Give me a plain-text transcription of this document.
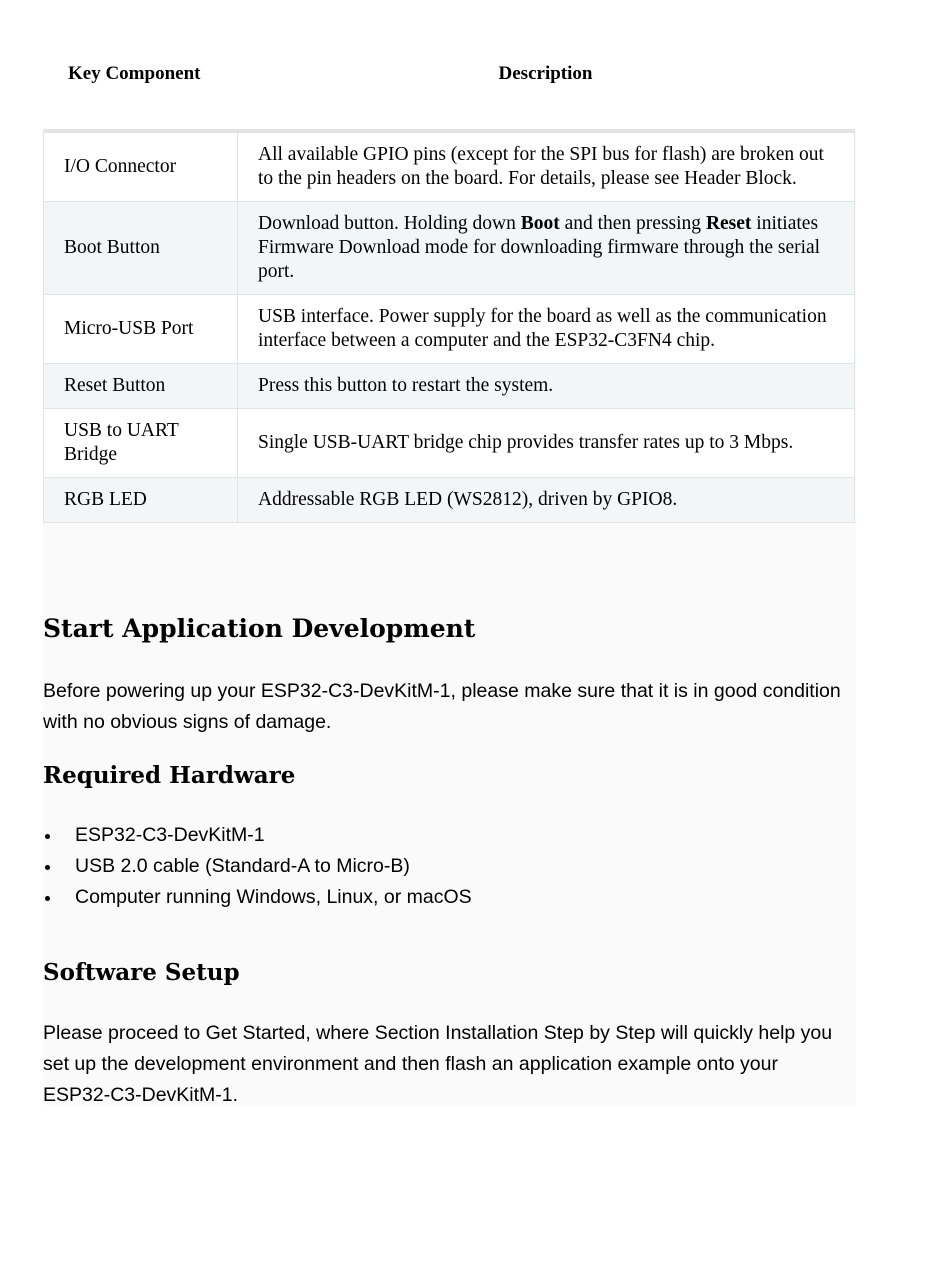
Key Component	Description
I/O Connector	All available GPIO pins (except for the SPI bus for flash) are broken out to the pin headers on the board. For details, please see Header Block.
Boot Button	Download button. Holding down Boot and then pressing Reset initiates Firmware Download mode for downloading firmware through the serial port.
Micro-USB Port	USB interface. Power supply for the board as well as the communication interface between a computer and the ESP32-C3FN4 chip.
Reset Button	Press this button to restart the system.
USB to UART Bridge	Single USB-UART bridge chip provides transfer rates up to 3 Mbps.
RGB LED	Addressable RGB LED (WS2812), driven by GPIO8.
Start Application Development

Before powering up your ESP32-C3-DevKitM-1, please make sure that it is in good condition with no obvious signs of damage.

Required Hardware
ESP32-C3-DevKitM-1
USB 2.0 cable (Standard-A to Micro-B)
Computer running Windows, Linux, or macOS
Software Setup

Please proceed to Get Started, where Section Installation Step by Step will quickly help you set up the development environment and then flash an application example onto your ESP32-C3-DevKitM-1.
